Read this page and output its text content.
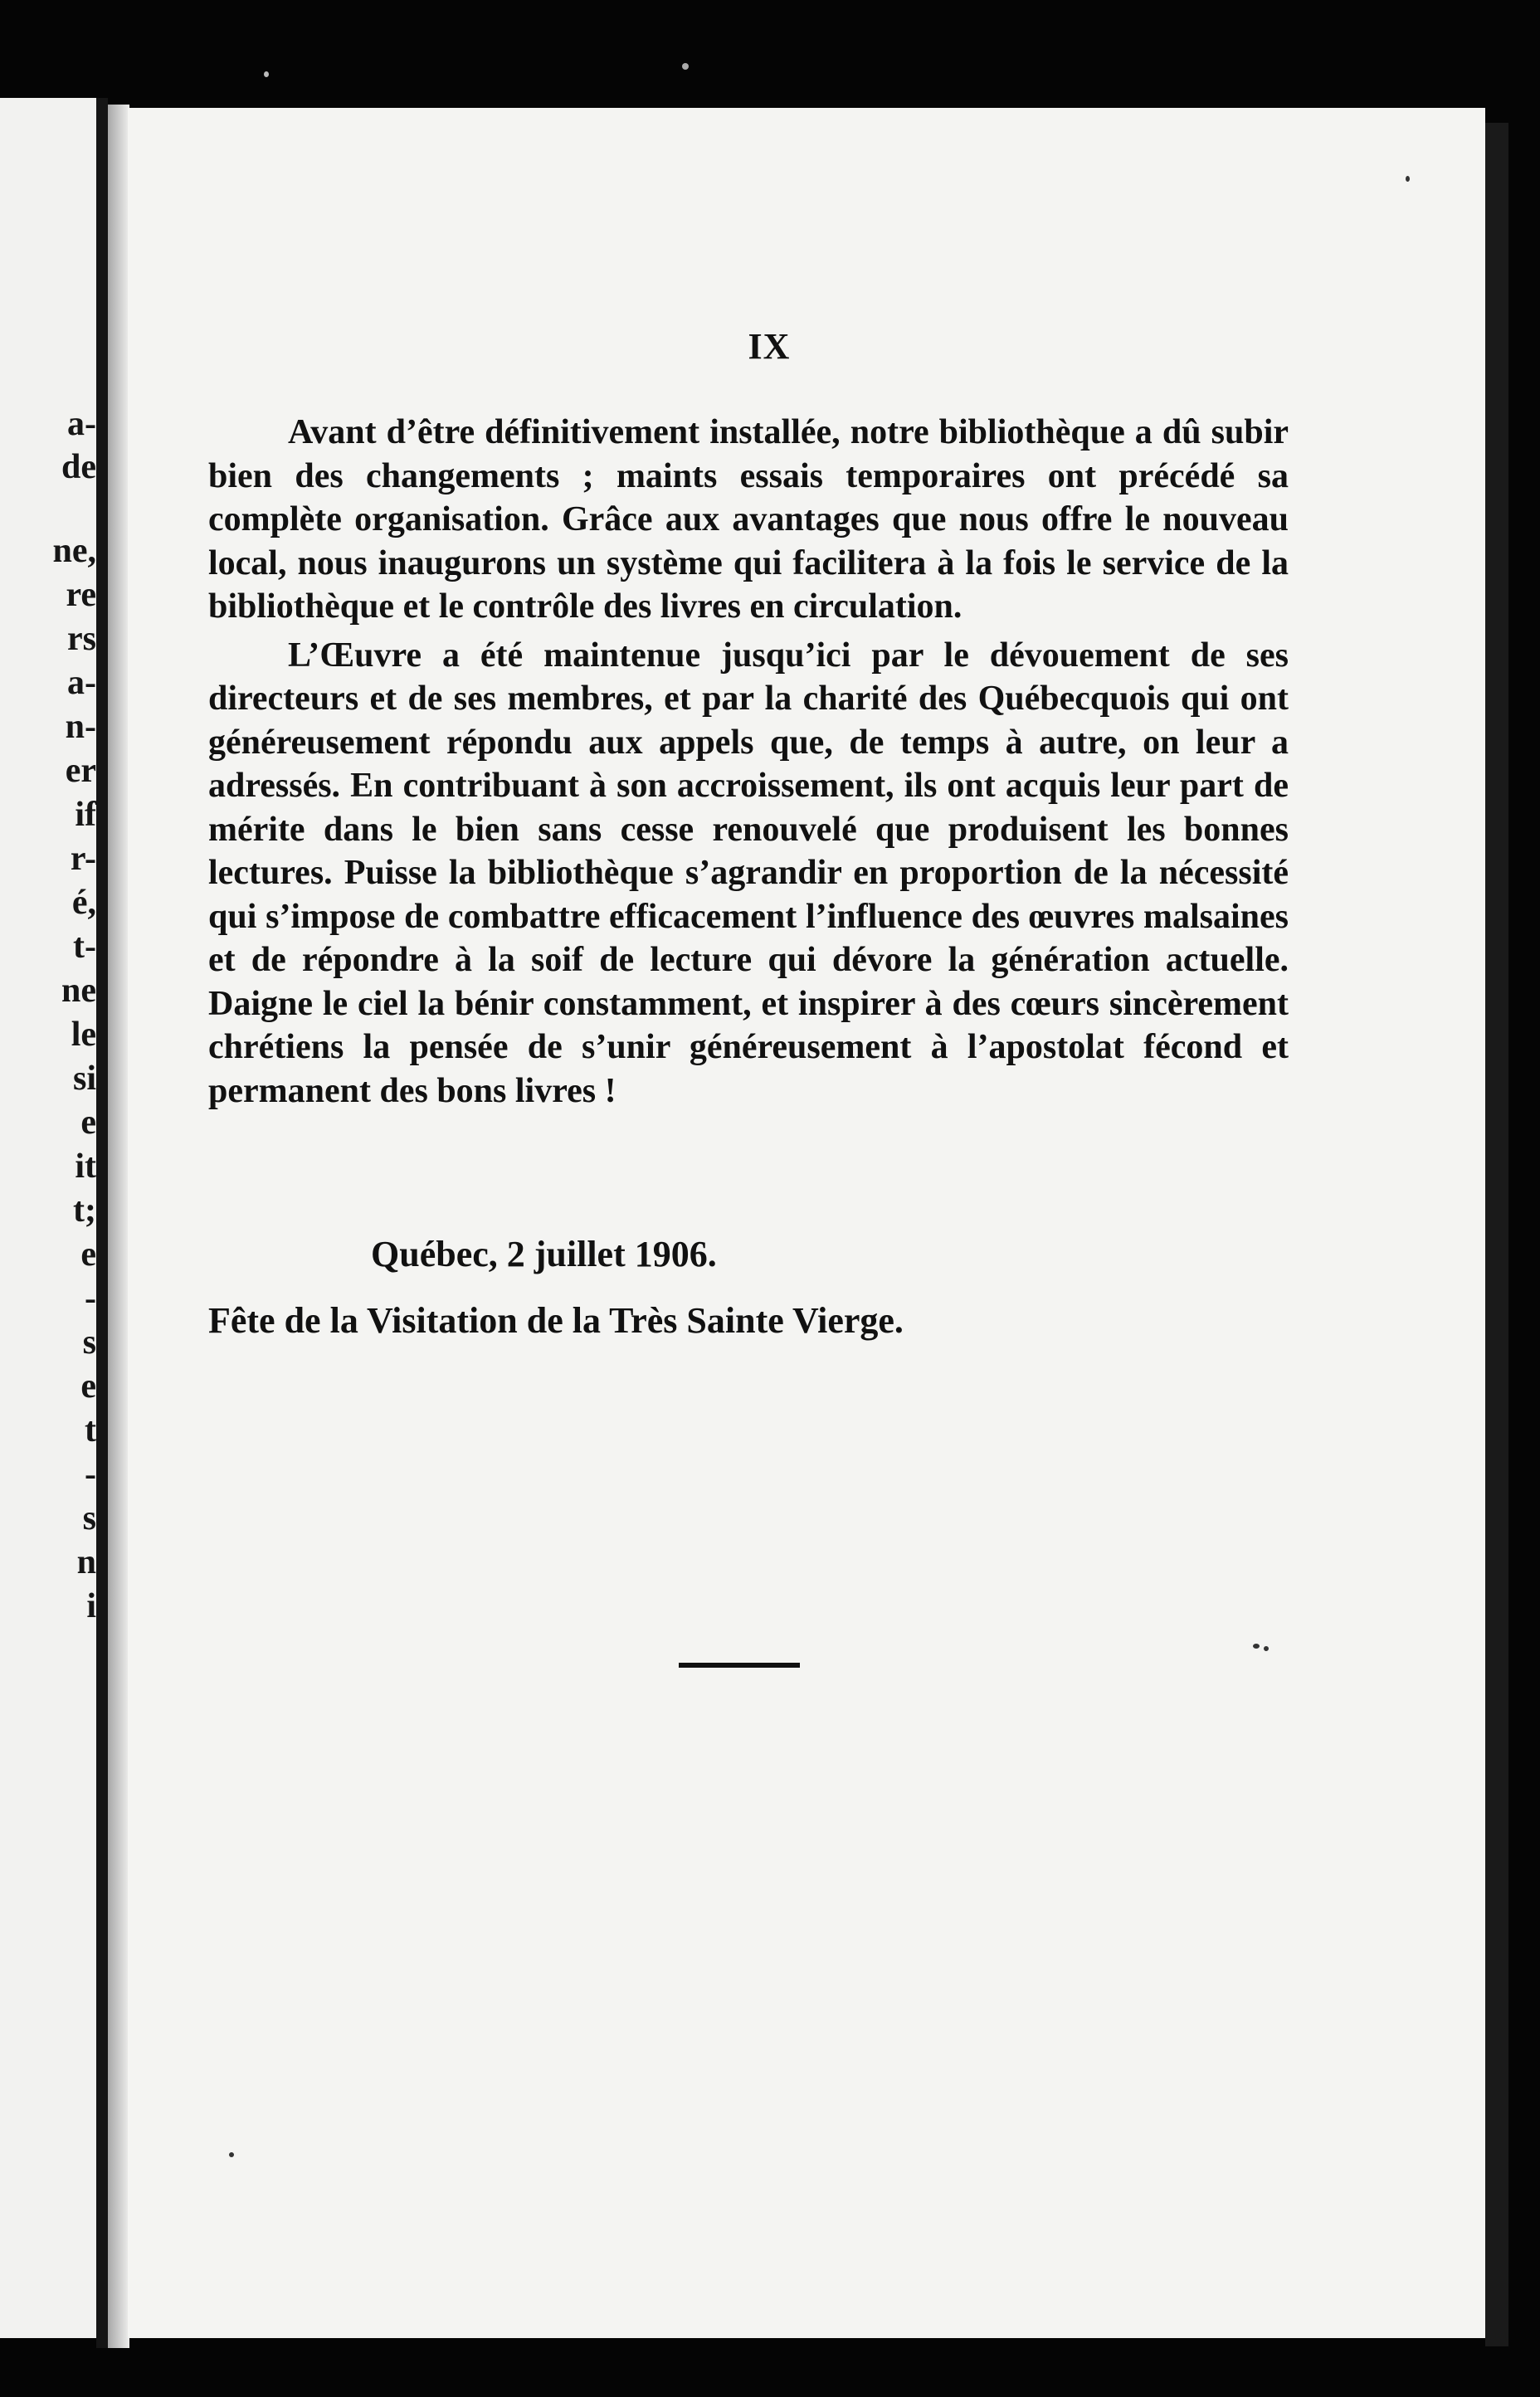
a-
de
ne,
re
rs
a-
n-
er
if
r-
é,
t-
ne
le
si
e
it
t;
e
-
s
e
t
-
s
n
i
IX

Avant d’être définitivement installée, notre bibliothèque a dû subir bien des changements ; maints essais temporaires ont précédé sa complète organisation. Grâce aux avantages que nous offre le nouveau local, nous inaugurons un système qui facilitera à la fois le service de la bibliothèque et le contrôle des livres en circulation.

L’Œuvre a été maintenue jusqu’ici par le dévouement de ses directeurs et de ses membres, et par la charité des Québecquois qui ont généreusement répondu aux appels que, de temps à autre, on leur a adressés. En contribuant à son accroissement, ils ont acquis leur part de mérite dans le bien sans cesse renouvelé que produisent les bonnes lectures. Puisse la bibliothèque s’agrandir en proportion de la nécessité qui s’impose de combattre efficacement l’influence des œuvres malsaines et de répondre à la soif de lecture qui dévore la génération actuelle. Daigne le ciel la bénir constamment, et inspirer à des cœurs sincèrement chrétiens la pensée de s’unir généreusement à l’apostolat fécond et permanent des bons livres !

Québec, 2 juillet 1906.
Fête de la Visitation de la Très Sainte Vierge.
